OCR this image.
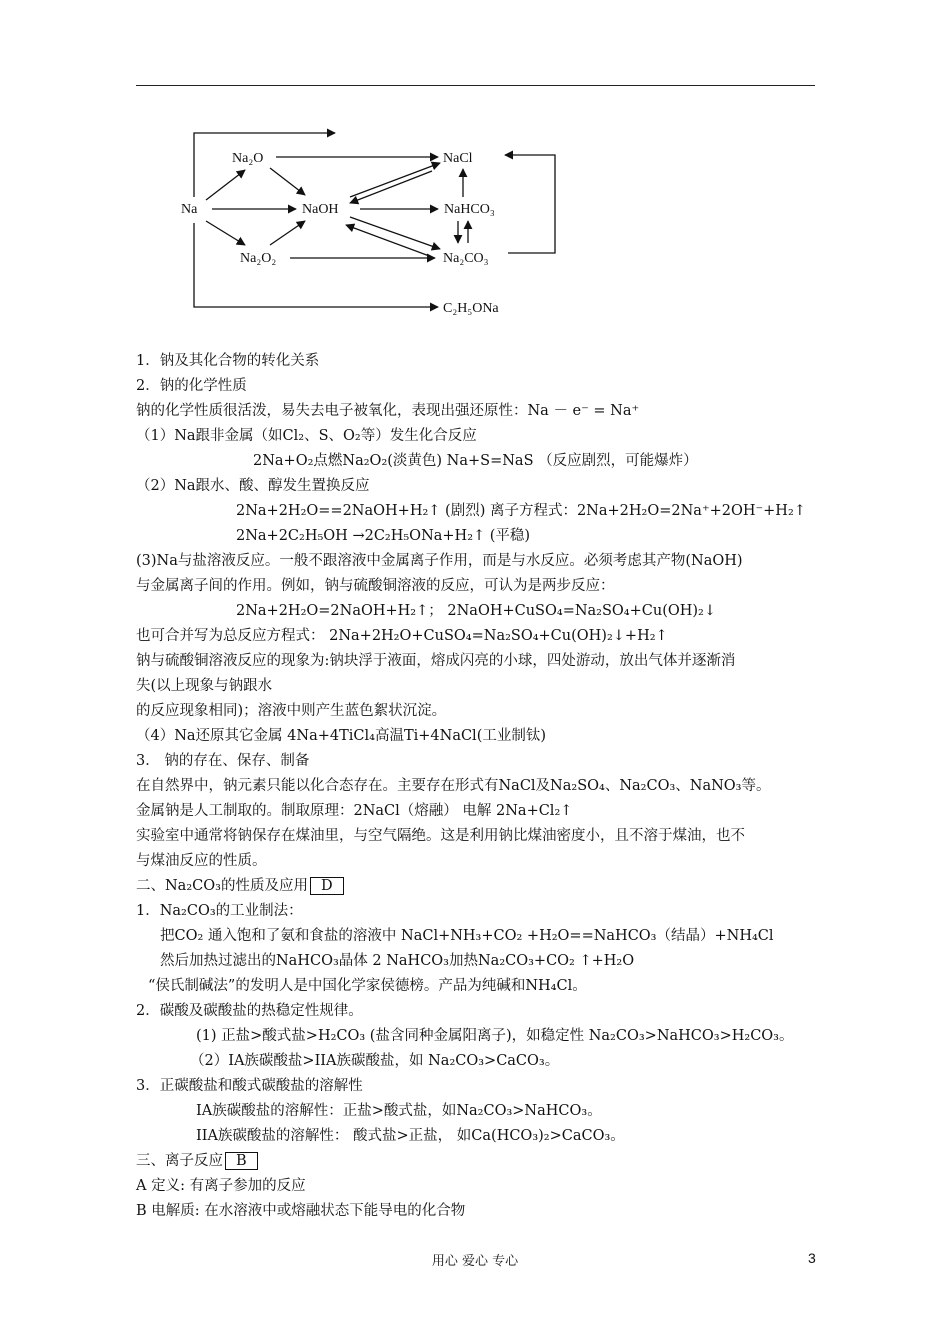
Na
Na₂O
Na₂O₂
NaOH
NaCl
NaHCO₃
Na₂CO₃
C₂H₅ONa
1．钠及其化合物的转化关系
2．钠的化学性质
钠的化学性质很活泼，易失去电子被氧化，表现出强还原性：Na － e⁻ = Na⁺
（1）Na跟非金属（如Cl₂、S、O₂等）发生化合反应
2Na+O₂点燃Na₂O₂(淡黄色) Na+S=NaS （反应剧烈，可能爆炸）
（2）Na跟水、酸、醇发生置换反应
2Na+2H₂O==2NaOH+H₂↑ (剧烈) 离子方程式：2Na+2H₂O=2Na⁺+2OH⁻+H₂↑
2Na+2C₂H₅OH →2C₂H₅ONa+H₂↑ (平稳)
(3)Na与盐溶液反应。一般不跟溶液中金属离子作用，而是与水反应。必须考虑其产物(NaOH)
与金属离子间的作用。例如，钠与硫酸铜溶液的反应，可认为是两步反应：
2Na+2H₂O=2NaOH+H₂↑； 2NaOH+CuSO₄=Na₂SO₄+Cu(OH)₂↓
也可合并写为总反应方程式： 2Na+2H₂O+CuSO₄=Na₂SO₄+Cu(OH)₂↓+H₂↑
钠与硫酸铜溶液反应的现象为:钠块浮于液面，熔成闪亮的小球，四处游动，放出气体并逐渐消
失(以上现象与钠跟水
的反应现象相同)；溶液中则产生蓝色絮状沉淀。
（4）Na还原其它金属 4Na+4TiCl₄高温Ti+4NaCl(工业制钛)
3． 钠的存在、保存、制备
在自然界中，钠元素只能以化合态存在。主要存在形式有NaCl及Na₂SO₄、Na₂CO₃、NaNO₃等。
金属钠是人工制取的。制取原理：2NaCl（熔融） 电解 2Na+Cl₂↑
实验室中通常将钠保存在煤油里，与空气隔绝。这是利用钠比煤油密度小，且不溶于煤油，也不
与煤油反应的性质。
二、Na₂CO₃的性质及应用 D
1．Na₂CO₃的工业制法：
把CO₂ 通入饱和了氨和食盐的溶液中 NaCl+NH₃+CO₂ +H₂O==NaHCO₃（结晶）+NH₄Cl
然后加热过滤出的NaHCO₃晶体 2 NaHCO₃加热Na₂CO₃+CO₂ ↑+H₂O
“侯氏制碱法”的发明人是中国化学家侯德榜。产品为纯碱和NH₄Cl。
2．碳酸及碳酸盐的热稳定性规律。
(1) 正盐>酸式盐>H₂CO₃ (盐含同种金属阳离子)，如稳定性 Na₂CO₃>NaHCO₃>H₂CO₃。
（2）IA族碳酸盐>IIA族碳酸盐，如 Na₂CO₃>CaCO₃。
3．正碳酸盐和酸式碳酸盐的溶解性
IA族碳酸盐的溶解性：正盐>酸式盐，如Na₂CO₃>NaHCO₃。
IIA族碳酸盐的溶解性： 酸式盐>正盐， 如Ca(HCO₃)₂>CaCO₃。
三、离子反应 B
A 定义: 有离子参加的反应
B 电解质: 在水溶液中或熔融状态下能导电的化合物
用心 爱心 专心	3
